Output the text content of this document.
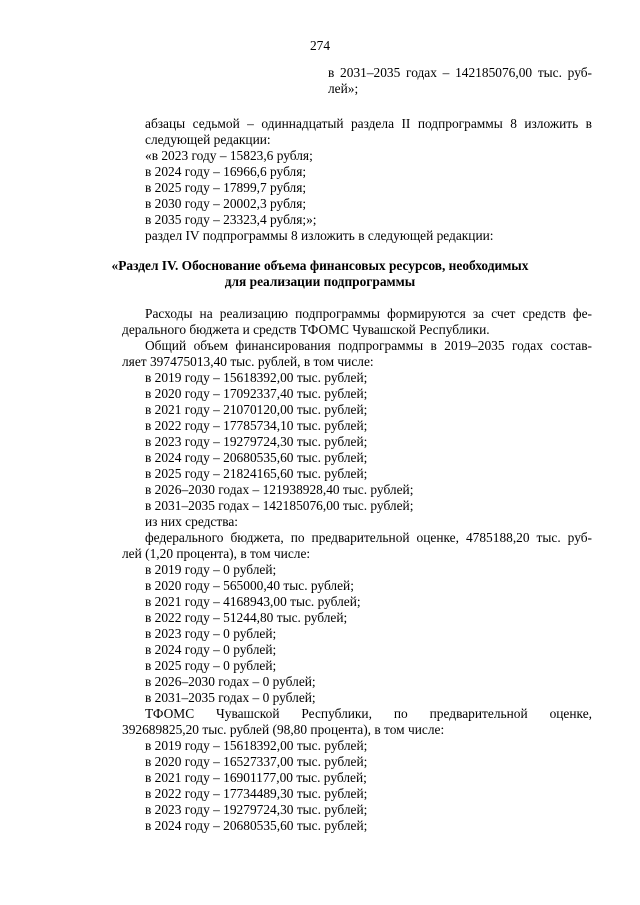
274
в 2031–2035 годах – 142185076,00 тыс. руб-
лей»;
абзацы седьмой – одиннадцатый раздела II подпрограммы 8 изложить в
следующей редакции:
«в 2023 году – 15823,6 рубля;
в 2024 году – 16966,6 рубля;
в 2025 году – 17899,7 рубля;
в 2030 году – 20002,3 рубля;
в 2035 году – 23323,4 рубля;»;
раздел IV подпрограммы 8 изложить в следующей редакции:
«Раздел IV. Обоснование объема финансовых ресурсов, необходимых
для реализации подпрограммы
Расходы на реализацию подпрограммы формируются за счет средств фе-
дерального бюджета и средств ТФОМС Чувашской Республики.
Общий объем финансирования подпрограммы в 2019–2035 годах состав-
ляет 397475013,40 тыс. рублей, в том числе:
в 2019 году – 15618392,00 тыс. рублей;
в 2020 году – 17092337,40 тыс. рублей;
в 2021 году – 21070120,00 тыс. рублей;
в 2022 году – 17785734,10 тыс. рублей;
в 2023 году – 19279724,30 тыс. рублей;
в 2024 году – 20680535,60 тыс. рублей;
в 2025 году – 21824165,60 тыс. рублей;
в 2026–2030 годах – 121938928,40 тыс. рублей;
в 2031–2035 годах – 142185076,00 тыс. рублей;
из них средства:
федерального бюджета, по предварительной оценке, 4785188,20 тыс. руб-
лей (1,20 процента), в том числе:
в 2019 году – 0 рублей;
в 2020 году – 565000,40 тыс. рублей;
в 2021 году – 4168943,00 тыс. рублей;
в 2022 году – 51244,80 тыс. рублей;
в 2023 году – 0 рублей;
в 2024 году – 0 рублей;
в 2025 году – 0 рублей;
в 2026–2030 годах – 0 рублей;
в 2031–2035 годах – 0 рублей;
ТФОМС Чувашской Республики, по предварительной оценке,
392689825,20 тыс. рублей (98,80 процента), в том числе:
в 2019 году – 15618392,00 тыс. рублей;
в 2020 году – 16527337,00 тыс. рублей;
в 2021 году – 16901177,00 тыс. рублей;
в 2022 году – 17734489,30 тыс. рублей;
в 2023 году – 19279724,30 тыс. рублей;
в 2024 году – 20680535,60 тыс. рублей;
